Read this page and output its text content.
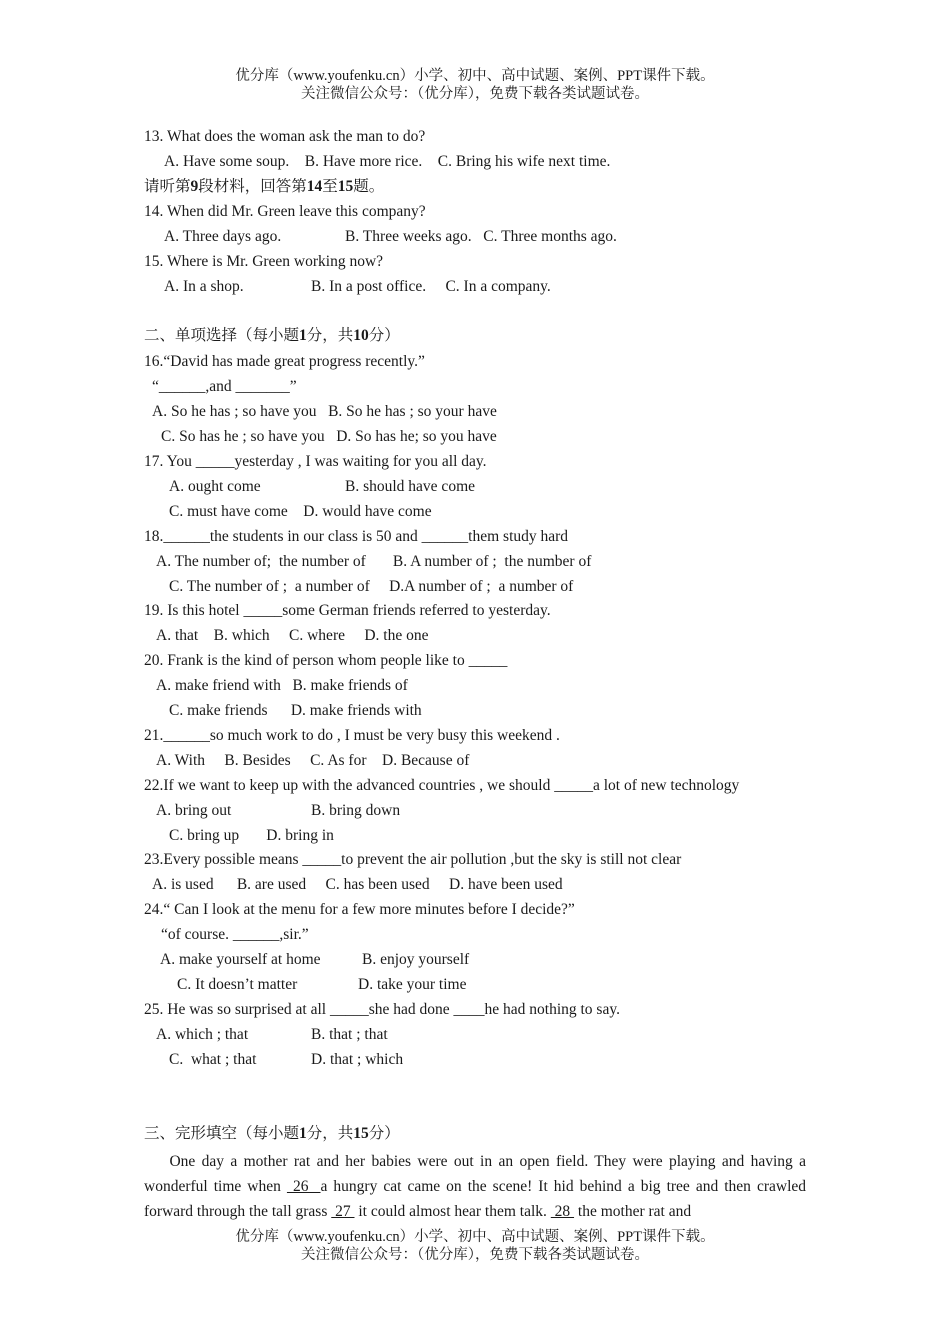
优分库（www.youfenku.cn）小学、初中、高中试题、案例、PPT课件下载。
关注微信公众号：（优分库），免费下载各类试题试卷。
13. What does the woman ask the man to do?
A. Have some soup.    B. Have more rice.    C. Bring his wife next time.
请听第9段材料，回答第14至15题。
14. When did Mr. Green leave this company?
A. Three days ago.	B. Three weeks ago.   C. Three months ago.
15. Where is Mr. Green working now?
A. In a shop.	B. In a post office.     C. In a company.
二、单项选择（每小题1分，共10分）
16.“David has made great progress recently.”
“______,and _______”
A. So he has ; so have you   B. So he has ; so your have
C. So has he ; so have you   D. So has he; so you have
17. You _____yesterday , I was waiting for you all day.
A. ought come	B. should have come
C. must have come    D. would have come
18.______the students in our class is 50 and ______them study hard
A. The number of;  the number of       B. A number of ;  the number of
C. The number of ;  a number of     D.A number of ;  a number of
19. Is this hotel _____some German friends referred to yesterday.
A. that    B. which     C. where     D. the one
20. Frank is the kind of person whom people like to _____
A. make friend with   B. make friends of
C. make friends      D. make friends with
21.______so much work to do , I must be very busy this weekend .
A. With     B. Besides     C. As for    D. Because of
22.If we want to keep up with the advanced countries , we should _____a lot of new technology
A. bring out	B. bring down
C. bring up       D. bring in
23.Every possible means _____to prevent the air pollution ,but the sky is still not clear
A. is used      B. are used     C. has been used     D. have been used
24.“ Can I look at the menu for a few more minutes before I decide?”
“of course. ______,sir.”
A. make yourself at home	B. enjoy yourself
C. It doesn’t matter	D. take your time
25. He was so surprised at all _____she had done ____he had nothing to say.
A. which ; that	B. that ; that
C.  what ; that	D. that ; which
三、完形填空（每小题1分，共15分）
One day a mother rat and her babies were out in an open field. They were playing and having a wonderful time when  26  a hungry cat came on the scene! It hid behind a big tree and then crawled forward through the tall grass  27  it could almost hear them talk.  28  the mother rat and
优分库（www.youfenku.cn）小学、初中、高中试题、案例、PPT课件下载。
关注微信公众号：（优分库），免费下载各类试题试卷。
